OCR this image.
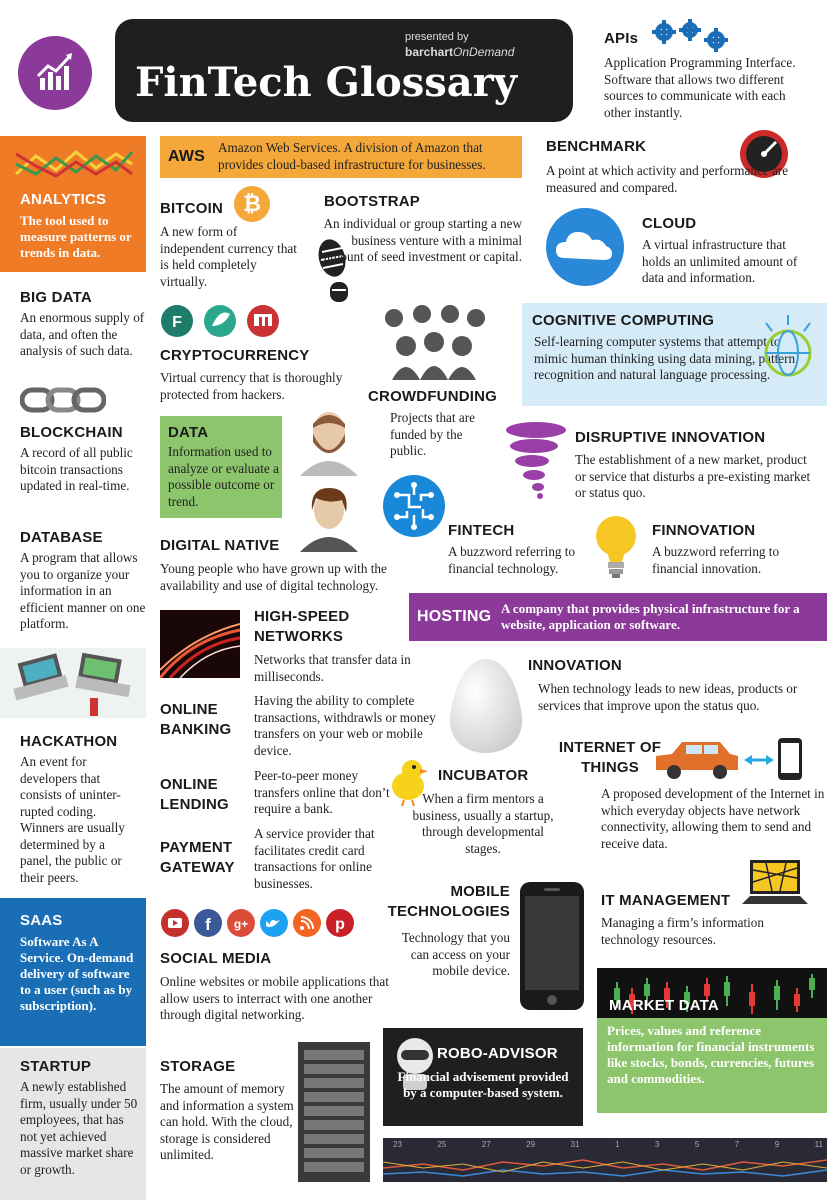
presented by
barchartOnDemand
FinTech Glossary
APIs
Application Programming Interface. Software that allows two different sources to communicate with each other instantly.
ANALYTICS
The tool used to measure patterns or trends in data.
BIG DATA
An enormous supply of data, and often the analysis of such data.
BLOCKCHAIN
A record of all public bitcoin transactions updated in real-time.
DATABASE
A program that allows you to organize your information in an efficient manner on one platform.
HACKATHON
An event for developers that consists of uninter-rupted coding. Winners are usually determined by a panel, the public or their peers.
SAAS
Software As A Service. On-demand delivery of software to a user (such as by subscription).
STARTUP
A newly established firm, usually under 50 employees, that has not yet achieved massive market share or growth.
AWS
Amazon Web Services. A division of Amazon that provides cloud-based infrastructure for businesses.
BITCOIN ₿
A new form of independent currency that is held completely virtually.
BOOTSTRAP
An individual or group starting a new business venture with a minimal amount of seed investment or capital.
F
CRYPTOCURRENCY
Virtual currency that is thoroughly protected from hackers.	CROWDFUNDING
Projects that are funded by the public.
DATA
Information used to analyze or evaluate a possible outcome or trend.
DIGITAL NATIVE
Young people who have grown up with the availability and use of digital technology.
HIGH-SPEED NETWORKS
Networks that transfer data in milliseconds.
ONLINE BANKING
Having the ability to complete transactions, withdrawls or money transfers on your web or mobile device.
ONLINE LENDING
Peer-to-peer money transfers online that don’t require a bank.
PAYMENT GATEWAY
A service provider that facilitates credit card transactions for online businesses.
INCUBATOR
When a firm mentors a business, usually a startup, through developmental stages.
f g+	p
SOCIAL MEDIA
Online websites or mobile applications that allow users to interract with one another through digital networking.
STORAGE
The amount of memory and information a system can hold. With the cloud, storage is considered unlimited.
BENCHMARK
A point at which activity and performance are measured and compared.
CLOUD
A virtual infrastructure that holds an unlimited amount of data and information.
COGNITIVE COMPUTING
Self-learning computer systems that attempt to mimic human thinking using data mining, pattern recognition and natural language processing.
DISRUPTIVE INNOVATION
The establishment of a new market, product or service that disturbs a pre-existing market or status quo.
FINTECH
A buzzword referring to financial technology.
FINNOVATION
A buzzword referring to financial innovation.
HOSTING A company that provides physical infrastructure for a website, application or software.
INNOVATION
When technology leads to new ideas, products or services that improve upon the status quo.
INTERNET OF THINGS
A proposed development of the Internet in which everyday objects have network connectivity, allowing them to send and receive data.
MOBILE TECHNOLOGIES
Technology that you can access on your mobile device.
IT MANAGEMENT
Managing a firm’s information technology resources.
MARKET DATA
Prices, values and reference information for financial instruments like stocks, bonds, currencies, futures and commodities.
ROBO-ADVISOR
Financial advisement provided by a computer-based system.
23	25	27	29	31	1	3	5	7	9	11
